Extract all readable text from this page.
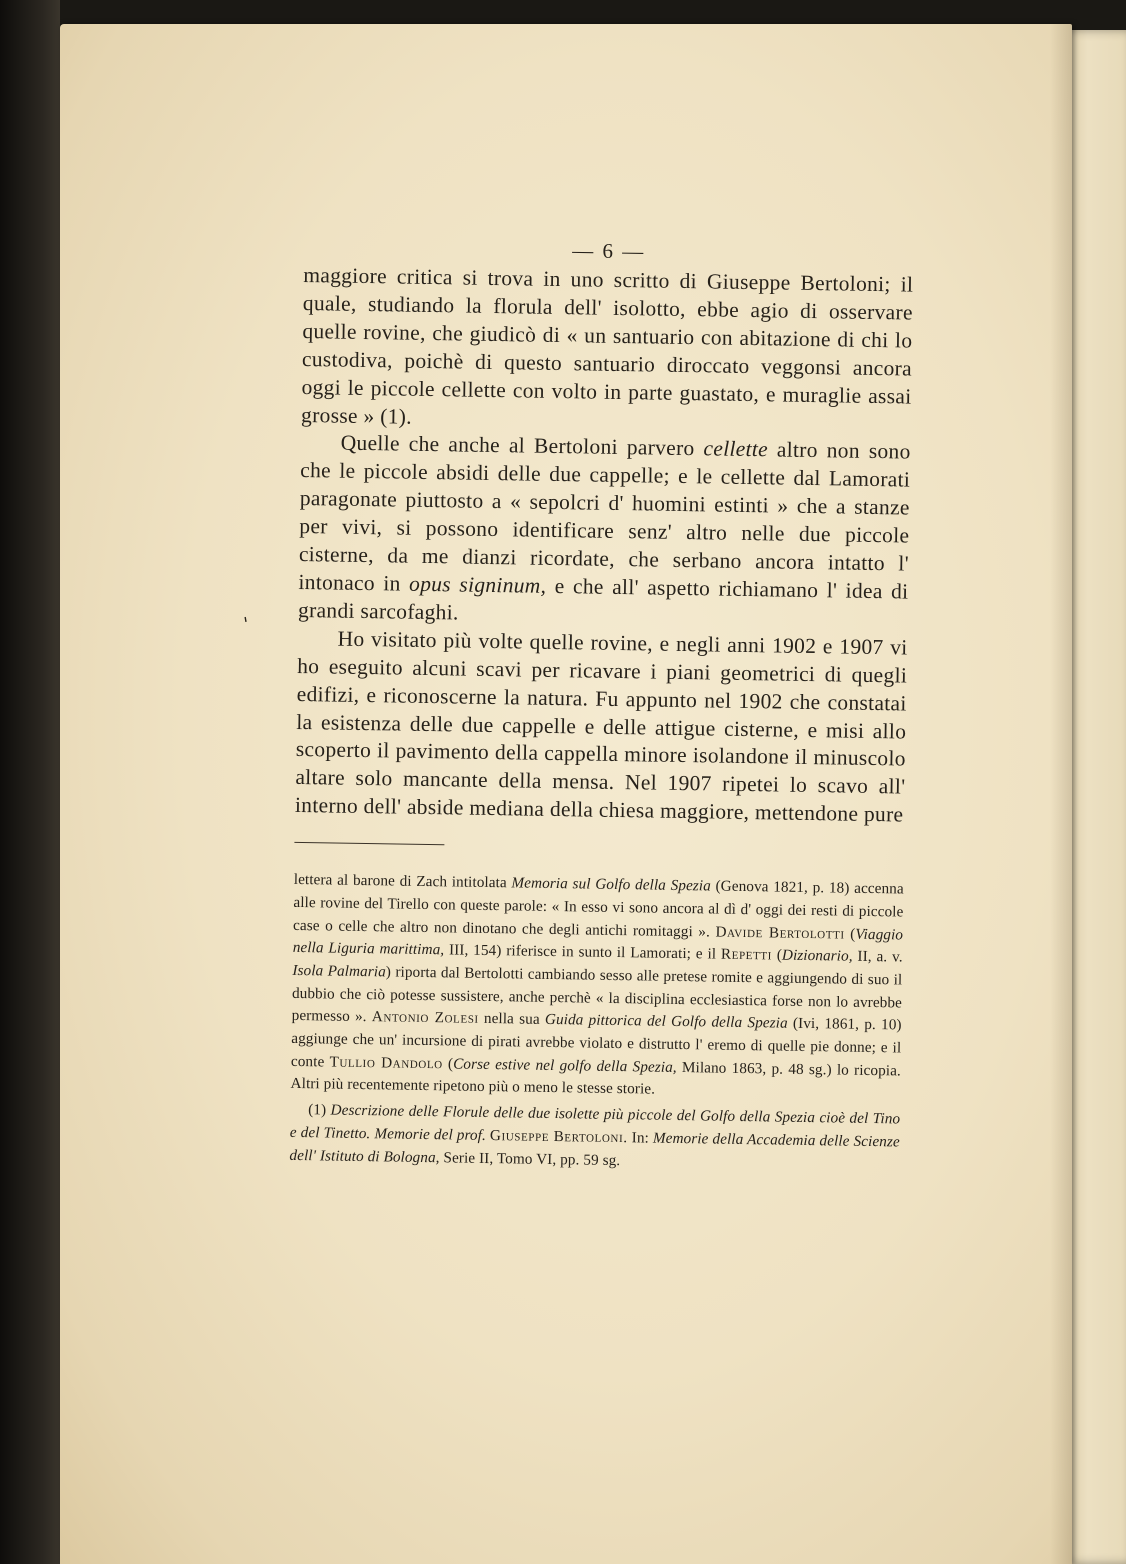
'
— 6 —

maggiore critica si trova in uno scritto di Giuseppe Bertoloni; il quale, studiando la florula dell' isolotto, ebbe agio di osservare quelle rovine, che giudicò di « un santuario con abitazione di chi lo custodiva, poichè di questo santuario diroccato veggonsi ancora oggi le piccole cellette con volto in parte guastato, e muraglie assai grosse » (1).

Quelle che anche al Bertoloni parvero cellette altro non sono che le piccole absidi delle due cappelle; e le cellette dal Lamorati paragonate piuttosto a « sepolcri d' huomini estinti » che a stanze per vivi, si possono identificare senz' altro nelle due piccole cisterne, da me dianzi ricordate, che serbano ancora intatto l' intonaco in opus signinum, e che all' aspetto richiamano l' idea di grandi sarcofaghi.

Ho visitato più volte quelle rovine, e negli anni 1902 e 1907 vi ho eseguito alcuni scavi per ricavare i piani geometrici di quegli edifizi, e riconoscerne la natura. Fu appunto nel 1902 che constatai la esistenza delle due cappelle e delle attigue cisterne, e misi allo scoperto il pavimento della cappella minore isolandone il minuscolo altare solo mancante della mensa. Nel 1907 ripetei lo scavo all' interno dell' abside mediana della chiesa maggiore, mettendone pure

lettera al barone di Zach intitolata Memoria sul Golfo della Spezia (Genova 1821, p. 18) accenna alle rovine del Tirello con queste parole: « In esso vi sono ancora al dì d' oggi dei resti di piccole case o celle che altro non dinotano che degli antichi romitaggi ». Davide Bertolotti (Viaggio nella Liguria marittima, III, 154) riferisce in sunto il Lamorati; e il Repetti (Dizionario, II, a. v. Isola Palmaria) riporta dal Bertolotti cambiando sesso alle pretese romite e aggiungendo di suo il dubbio che ciò potesse sussistere, anche perchè « la disciplina ecclesiastica forse non lo avrebbe permesso ». Antonio Zolesi nella sua Guida pittorica del Golfo della Spezia (Ivi, 1861, p. 10) aggiunge che un' incursione di pirati avrebbe violato e distrutto l' eremo di quelle pie donne; e il conte Tullio Dandolo (Corse estive nel golfo della Spezia, Milano 1863, p. 48 sg.) lo ricopia. Altri più recentemente ripetono più o meno le stesse storie.

(1) Descrizione delle Florule delle due isolette più piccole del Golfo della Spezia cioè del Tino e del Tinetto. Memorie del prof. Giuseppe Bertoloni. In: Memorie della Accademia delle Scienze dell' Istituto di Bologna, Serie II, Tomo VI, pp. 59 sg.
